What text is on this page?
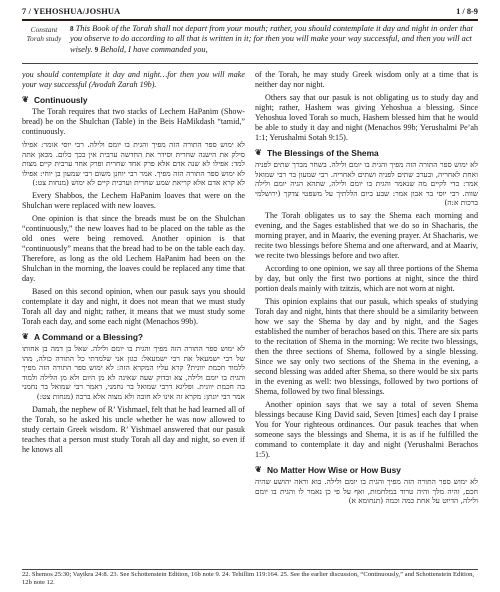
7 / YEHOSHUA/JOSHUA	1 / 8-9
Constant Torah study
$^8$ This Book of the Torah shall not depart from your mouth; rather, you should contemplate it day and night in order that you observe to do according to all that is written in it; for then you will make your way successful, and then you will act wisely. $^9$ Behold, I have commanded you,

you should contemplate it day and night…for then you will make your way successful (Avodah Zarah 19b).

❦ Continuously

The Torah requires that two stacks of Lechem HaPanim (Show-bread) be on the Shulchan (Table) in the Beis HaMikdash “tamid,” continuously.

לא ימוש ספר התורה הזה מפיך והגית בו יומם ולילה. רבי יוסי אומר: אפילו סילק את הישנה שחרית וסידר את החדשה ערבית אין בכך כלום. מכאן אתה למד: אפילו לא שנה אדם אלא פרק אחד שחרית ופרק אחד ערבית קיים מצות לא ימוש ספר התורה הזה מפיך. אמר רבי יוחנן משום רבי שמעון בן יוחי: אפילו לא קרא אדם אלא קריאת שמע שחרית וערבית קיים לא ימוש (מנחות צט:)

Every Shabbos, the Lechem HaPanim loaves that were on the Shulchan were replaced with new loaves.

One opinion is that since the breads must be on the Shulchan “continuously,” the new loaves had to be placed on the table as the old ones were being removed. Another opinion is that “continuously” means that the bread had to be on the table each day. Therefore, as long as the old Lechem HaPanim had been on the Shulchan in the morning, the loaves could be replaced any time that day.

Based on this second opinion, when our pasuk says you should contemplate it day and night, it does not mean that we must study Torah all day and night; rather, it means that we must study some Torah each day, and some each night (Menachos 99b).

❦ A Command or a Blessing?

לא ימוש ספר התורה הזה מפיך והגית בו יומם ולילה. שאל בן דמה בן אחותו של רבי ישמעאל את רבי ישמעאל: כגון אני שלמדתי כל התורה כולה, מהו ללמוד חכמת יוונית? קרא עליו המקרא הזה: לא ימוש ספר התורה הזה מפיך והגית בו יומם ולילה, צא ובדוק שעה שאינה לא מן היום ולא מן הלילה ולמוד בה חכמת יוונית. ופליגא דרבי שמואל בר נחמני, דאמר רבי שמואל בר נחמני אמר רבי יונתן: מקרא זה אינו לא חובה ולא מצוה אלא ברכה (מנחות צט:)

Damah, the nephew of R’ Yishmael, felt that he had learned all of the Torah, so he asked his uncle whether he was now allowed to study certain Greek wisdom. R’ Yishmael answered that our pasuk teaches that a person must study Torah all day and night, so even if he knows all

of the Torah, he may study Greek wisdom only at a time that is neither day nor night.

Others say that our pasuk is not obligating us to study day and night; rather, Hashem was giving Yehoshua a blessing. Since Yehoshua loved Torah so much, Hashem blessed him that he would be able to study it day and night (Menachos 99b; Yerushalmi Pe’ah 1:1; Yerushalmi Sotah 9:15).

❦ The Blessings of the Shema

לא ימוש ספר התורה הזה מפיך והגית בו יומם ולילה. בשחר מברך שתים לפניה ואחת לאחריה, ובערב שתים לפניה ושתים לאחריה. רבי שמעון בר רבי שמואל אמר: כדי לקיים מה שנאמר והגית בו יומם ולילה, שתהא הגיה יומם ולילה שווה. רבי יוסי בר אבון אמר: שבע ביום הללתיך על משפטי צדקך (ירושלמי ברכות א:ה)

The Torah obligates us to say the Shema each morning and evening, and the Sages established that we do so in Shacharis, the morning prayer, and in Maariv, the evening prayer. At Shacharis, we recite two blessings before Shema and one afterward, and at Maariv, we recite two blessings before and two after.

According to one opinion, we say all three portions of the Shema by day, but only the first two portions at night, since the third portion deals mainly with tzitzis, which are not worn at night.

This opinion explains that our pasuk, which speaks of studying Torah day and night, hints that there should be a similarity between how we say the Shema by day and by night, and the Sages established the number of berachos based on this. There are six parts to the recitation of Shema in the morning: We recite two blessings, then the three sections of Shema, followed by a single blessing. Since we say only two sections of the Shema in the evening, a second blessing was added after Shema, so there would be six parts in the evening as well: two blessings, followed by two portions of Shema, followed by two final blessings.

Another opinion says that we say a total of seven Shema blessings because King David said, Seven [times] each day I praise You for Your righteous ordinances. Our pasuk teaches that when someone says the blessings and Shema, it is as if he fulfilled the command to contemplate it day and night (Yerushalmi Berachos 1:5).

❦ No Matter How Wise or How Busy

לא ימוש ספר התורה הזה מפיך והגית בו יומם ולילה. בוא וראה יהושע שהיה חכם, והיה מלך והיה טרוד במלחמות, ואף על פי כן נאמר לו והגית בו יומם ולילה, הדיוט על אחת כמה וכמה (תנחומא א)

22. Shemos 25:30; Vayikra 24:8. 23. See Schottenstein Edition, 16b note 9. 24. Tehillim 119:164. 25. See the earlier discussion, “Continuously,” and Schottenstein Edition, 12b note 12.
